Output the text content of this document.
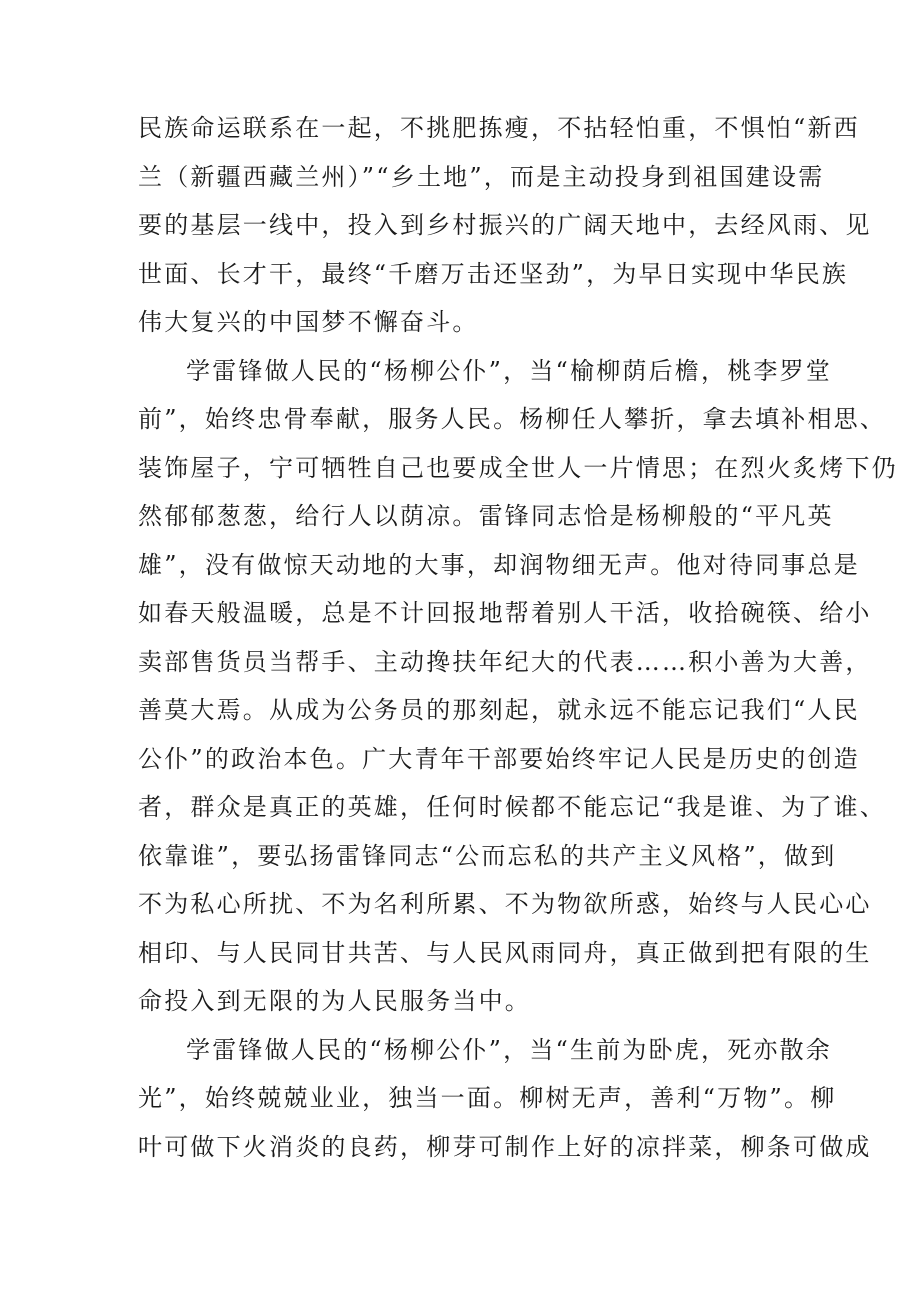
民族命运联系在一起，不挑肥拣瘦，不拈轻怕重，不惧怕“新西
兰（新疆西藏兰州）”“乡土地”，而是主动投身到祖国建设需
要的基层一线中，投入到乡村振兴的广阔天地中，去经风雨、见
世面、长才干，最终“千磨万击还坚劲”，为早日实现中华民族
伟大复兴的中国梦不懈奋斗。
学雷锋做人民的“杨柳公仆”，当“榆柳荫后檐，桃李罗堂
前”，始终忠骨奉献，服务人民。杨柳任人攀折，拿去填补相思、
装饰屋子，宁可牺牲自己也要成全世人一片情思；在烈火炙烤下仍
然郁郁葱葱，给行人以荫凉。雷锋同志恰是杨柳般的“平凡英
雄”，没有做惊天动地的大事，却润物细无声。他对待同事总是
如春天般温暖，总是不计回报地帮着别人干活，收拾碗筷、给小
卖部售货员当帮手、主动搀扶年纪大的代表……积小善为大善，
善莫大焉。从成为公务员的那刻起，就永远不能忘记我们“人民
公仆”的政治本色。广大青年干部要始终牢记人民是历史的创造
者，群众是真正的英雄，任何时候都不能忘记“我是谁、为了谁、
依靠谁”，要弘扬雷锋同志“公而忘私的共产主义风格”，做到
不为私心所扰、不为名利所累、不为物欲所惑，始终与人民心心
相印、与人民同甘共苦、与人民风雨同舟，真正做到把有限的生
命投入到无限的为人民服务当中。
学雷锋做人民的“杨柳公仆”，当“生前为卧虎，死亦散余
光”，始终兢兢业业，独当一面。柳树无声，善利“万物”。柳
叶可做下火消炎的良药，柳芽可制作上好的凉拌菜，柳条可做成
